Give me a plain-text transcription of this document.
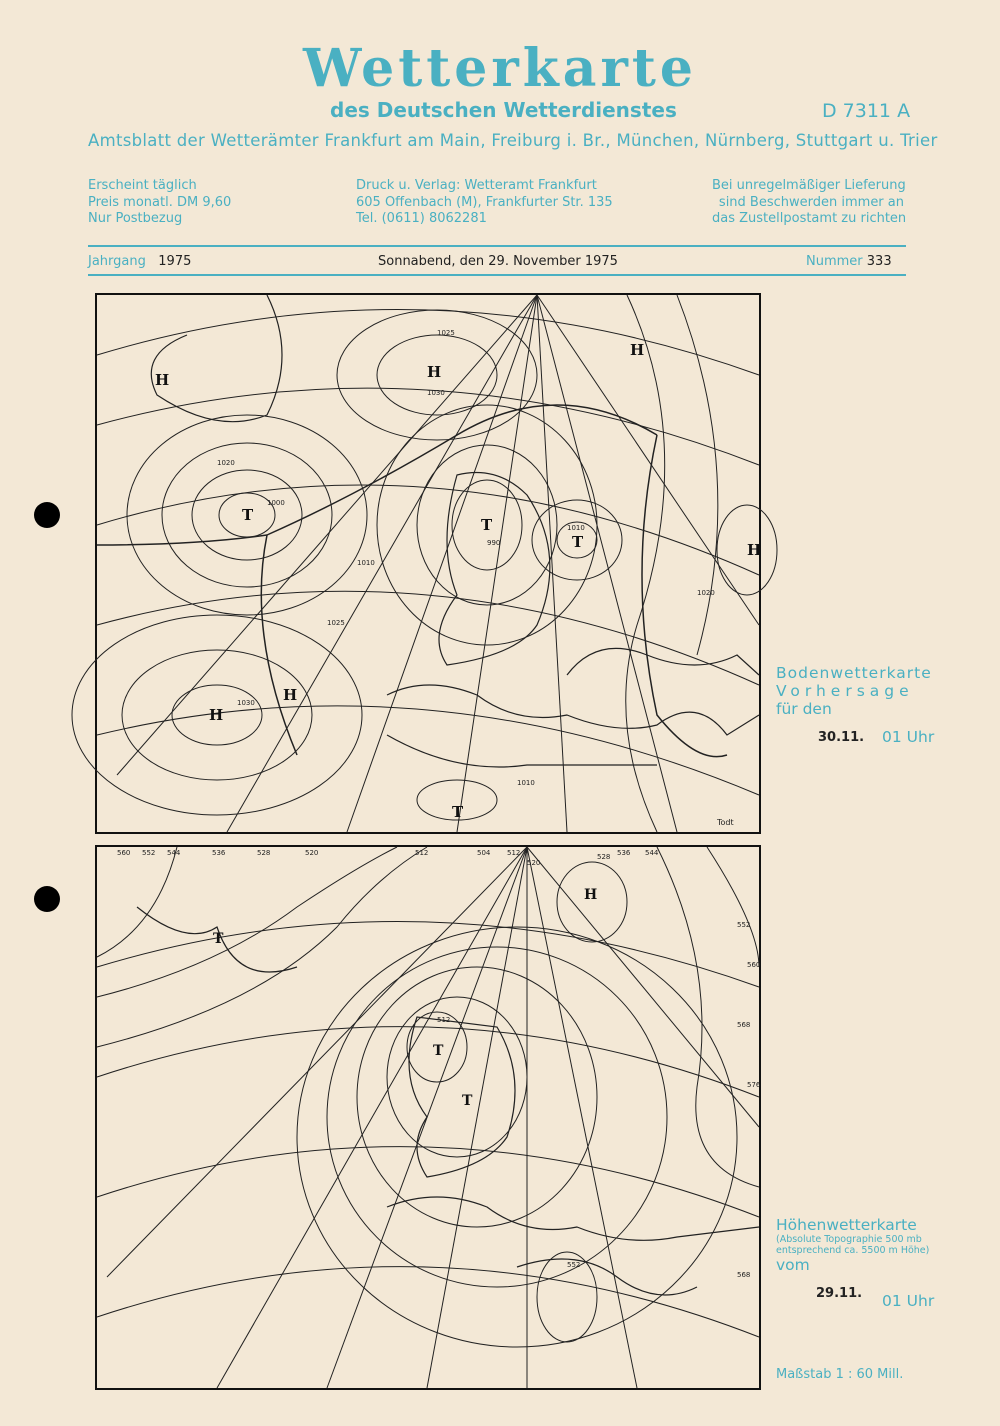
Wetterkarte
des Deutschen Wetterdienstes	D 7311 A
Amtsblatt der Wetterämter Frankfurt am Main, Freiburg i. Br., München, Nürnberg, Stuttgart u. Trier
Erscheint täglich
Preis monatl. DM 9,60
Nur Postbezug
Druck u. Verlag: Wetteramt Frankfurt
605 Offenbach (M), Frankfurter Str. 135
Tel. (0611) 8062281
Bei unregelmäßiger Lieferung
sind Beschwerden immer an
das Zustellpostamt zu richten
Jahrgang 1975	Sonnabend, den 29. November 1975	Nummer 333
H	H
H
H
H
H
T
T
T
T
Todt
1020
1025
1030
1000
1010
990
1010
1020
1030
1010
1025
Bodenwetterkarte
Vorhersage
für den
30.11. 01 Uhr
T
T
T
H
560 552 544	536	528	520	512	504 512
520
528 536 544
552
560
568
576
512
552
568
Höhenwetterkarte
(Absolute Topographie 500 mb
entsprechend ca. 5500 m Höhe)
vom
29.11. 01 Uhr
Maßstab 1 : 60 Mill.
